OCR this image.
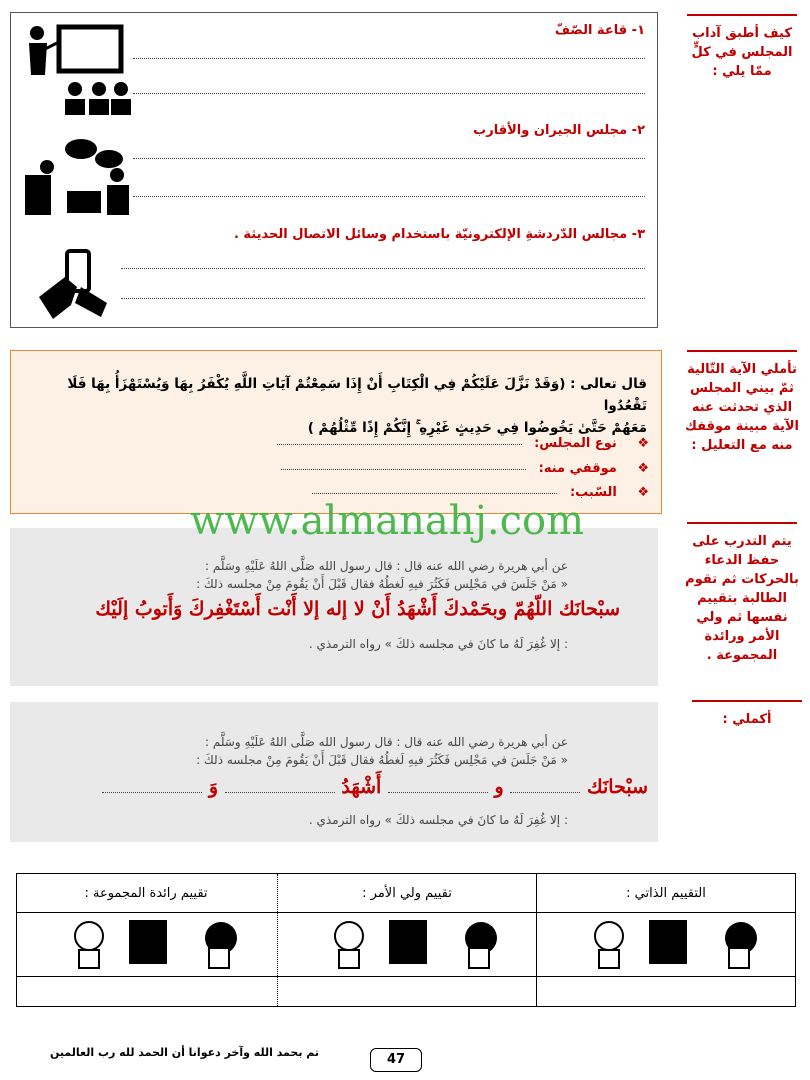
كيف أطبق آداب المجلس في كلٍّ ممّا يلي :
تأملي الآية التّالية ثمّ بيني المجلس الذي تحدثت عنه الآية مبينة موقفك منه مع التعليل :
يتم التدرب على حفظ الدعاء بالحركات ثم تقوم الطالبة بتقييم نفسها ثم ولي الأمر ورائدة المجموعة .
أكملي :
١- قاعة الصّفّ
٢- مجلس الجيران والأقارب
٣- مجالس الدّردشةِ الإلكترونيّة باستخدام وسائل الاتصال الحديثة .
قال تعالى : (وَقَدْ نَزَّلَ عَلَيْكُمْ فِي الْكِتَابِ أَنْ إِذَا سَمِعْتُمْ آيَاتِ اللَّهِ يُكْفَرُ بِهَا وَيُسْتَهْزَأُ بِهَا فَلَا تَقْعُدُوا
مَعَهُمْ حَتَّىٰ يَخُوضُوا فِي حَدِيثٍ غَيْرِهِ ۚ إِنَّكُمْ إِذًا مِّثْلُهُمْ )
❖ نوع المجلس:
❖ موقفي منه:
❖ السّبب:
عن أبي هريرة رضي الله عنه قال : قال رسول الله صَلَّى اللهُ عَلَيْهِ وسَلَّم :
« مَنْ جَلَسَ في مَجْلِس فَكَثُرَ فيهِ لَغطُهُ فقال قَبْلَ أَنْ يَقُومَ مِنْ مجلسه ذلكَ :
سبْحانَك اللّهُمّ وبحَمْدكَ أَشْهَدُ أَنْ لا إله إلا أَنْت أَسْتَغْفِركَ وَأَتوبُ إلَيْك
: إلا غُفِرَ لَهُ ما كانَ في مجلسه ذلكَ » رواه الترمذي .
www.almanahj.com
عن أبي هريرة رضي الله عنه قال : قال رسول الله صَلَّى اللهُ عَلَيْهِ وسَلَّم :
« مَنْ جَلَسَ في مَجْلِس فَكَثُرَ فيهِ لَغطُهُ فقال قَبْلَ أَنْ يَقُومَ مِنْ مجلسه ذلكَ :
سبْحانَك  و  أَشْهَدُ  وَ
: إلا غُفِرَ لَهُ ما كانَ في مجلسه ذلكَ » رواه الترمذي .
التقييم الذاتي :
تقييم ولي الأمر :
تقييم رائدة المجموعة :
تم بحمد الله وآخر دعوانا أن الحمد لله رب العالمين	47
